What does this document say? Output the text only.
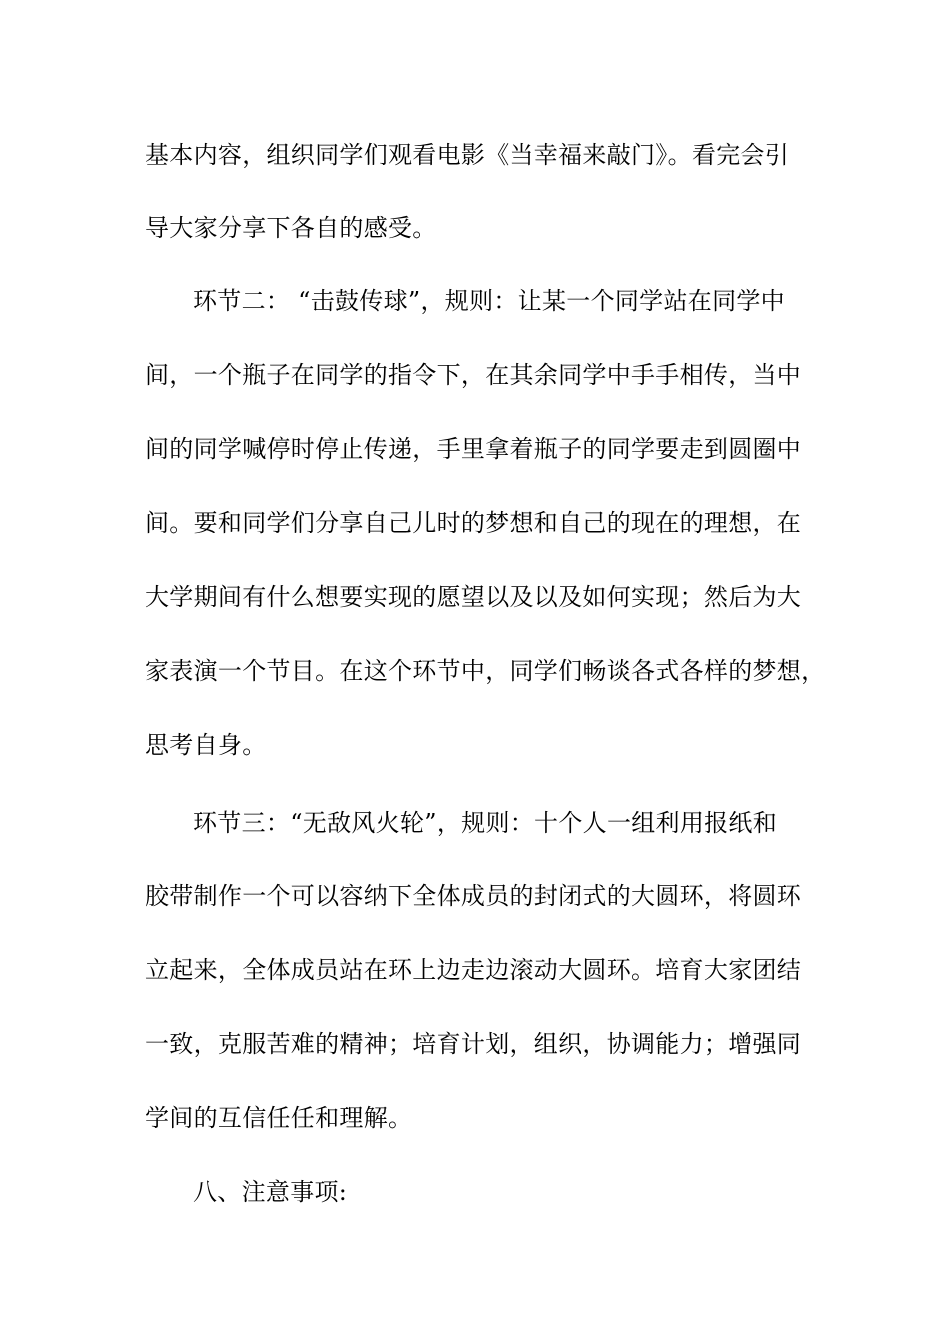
基本内容，组织同学们观看电影《当幸福来敲门》。看完会引
导大家分享下各自的感受。
环节二： “击鼓传球”，规则：让某一个同学站在同学中
间，一个瓶子在同学的指令下，在其余同学中手手相传，当中
间的同学喊停时停止传递，手里拿着瓶子的同学要走到圆圈中
间。要和同学们分享自己儿时的梦想和自己的现在的理想，在
大学期间有什么想要实现的愿望以及以及如何实现；然后为大
家表演一个节目。在这个环节中，同学们畅谈各式各样的梦想，
思考自身。
环节三：“无敌风火轮”，规则：十个人一组利用报纸和
胶带制作一个可以容纳下全体成员的封闭式的大圆环，将圆环
立起来，全体成员站在环上边走边滚动大圆环。培育大家团结
一致，克服苦难的精神；培育计划，组织，协调能力；增强同
学间的互信任任和理解。
八、注意事项:
